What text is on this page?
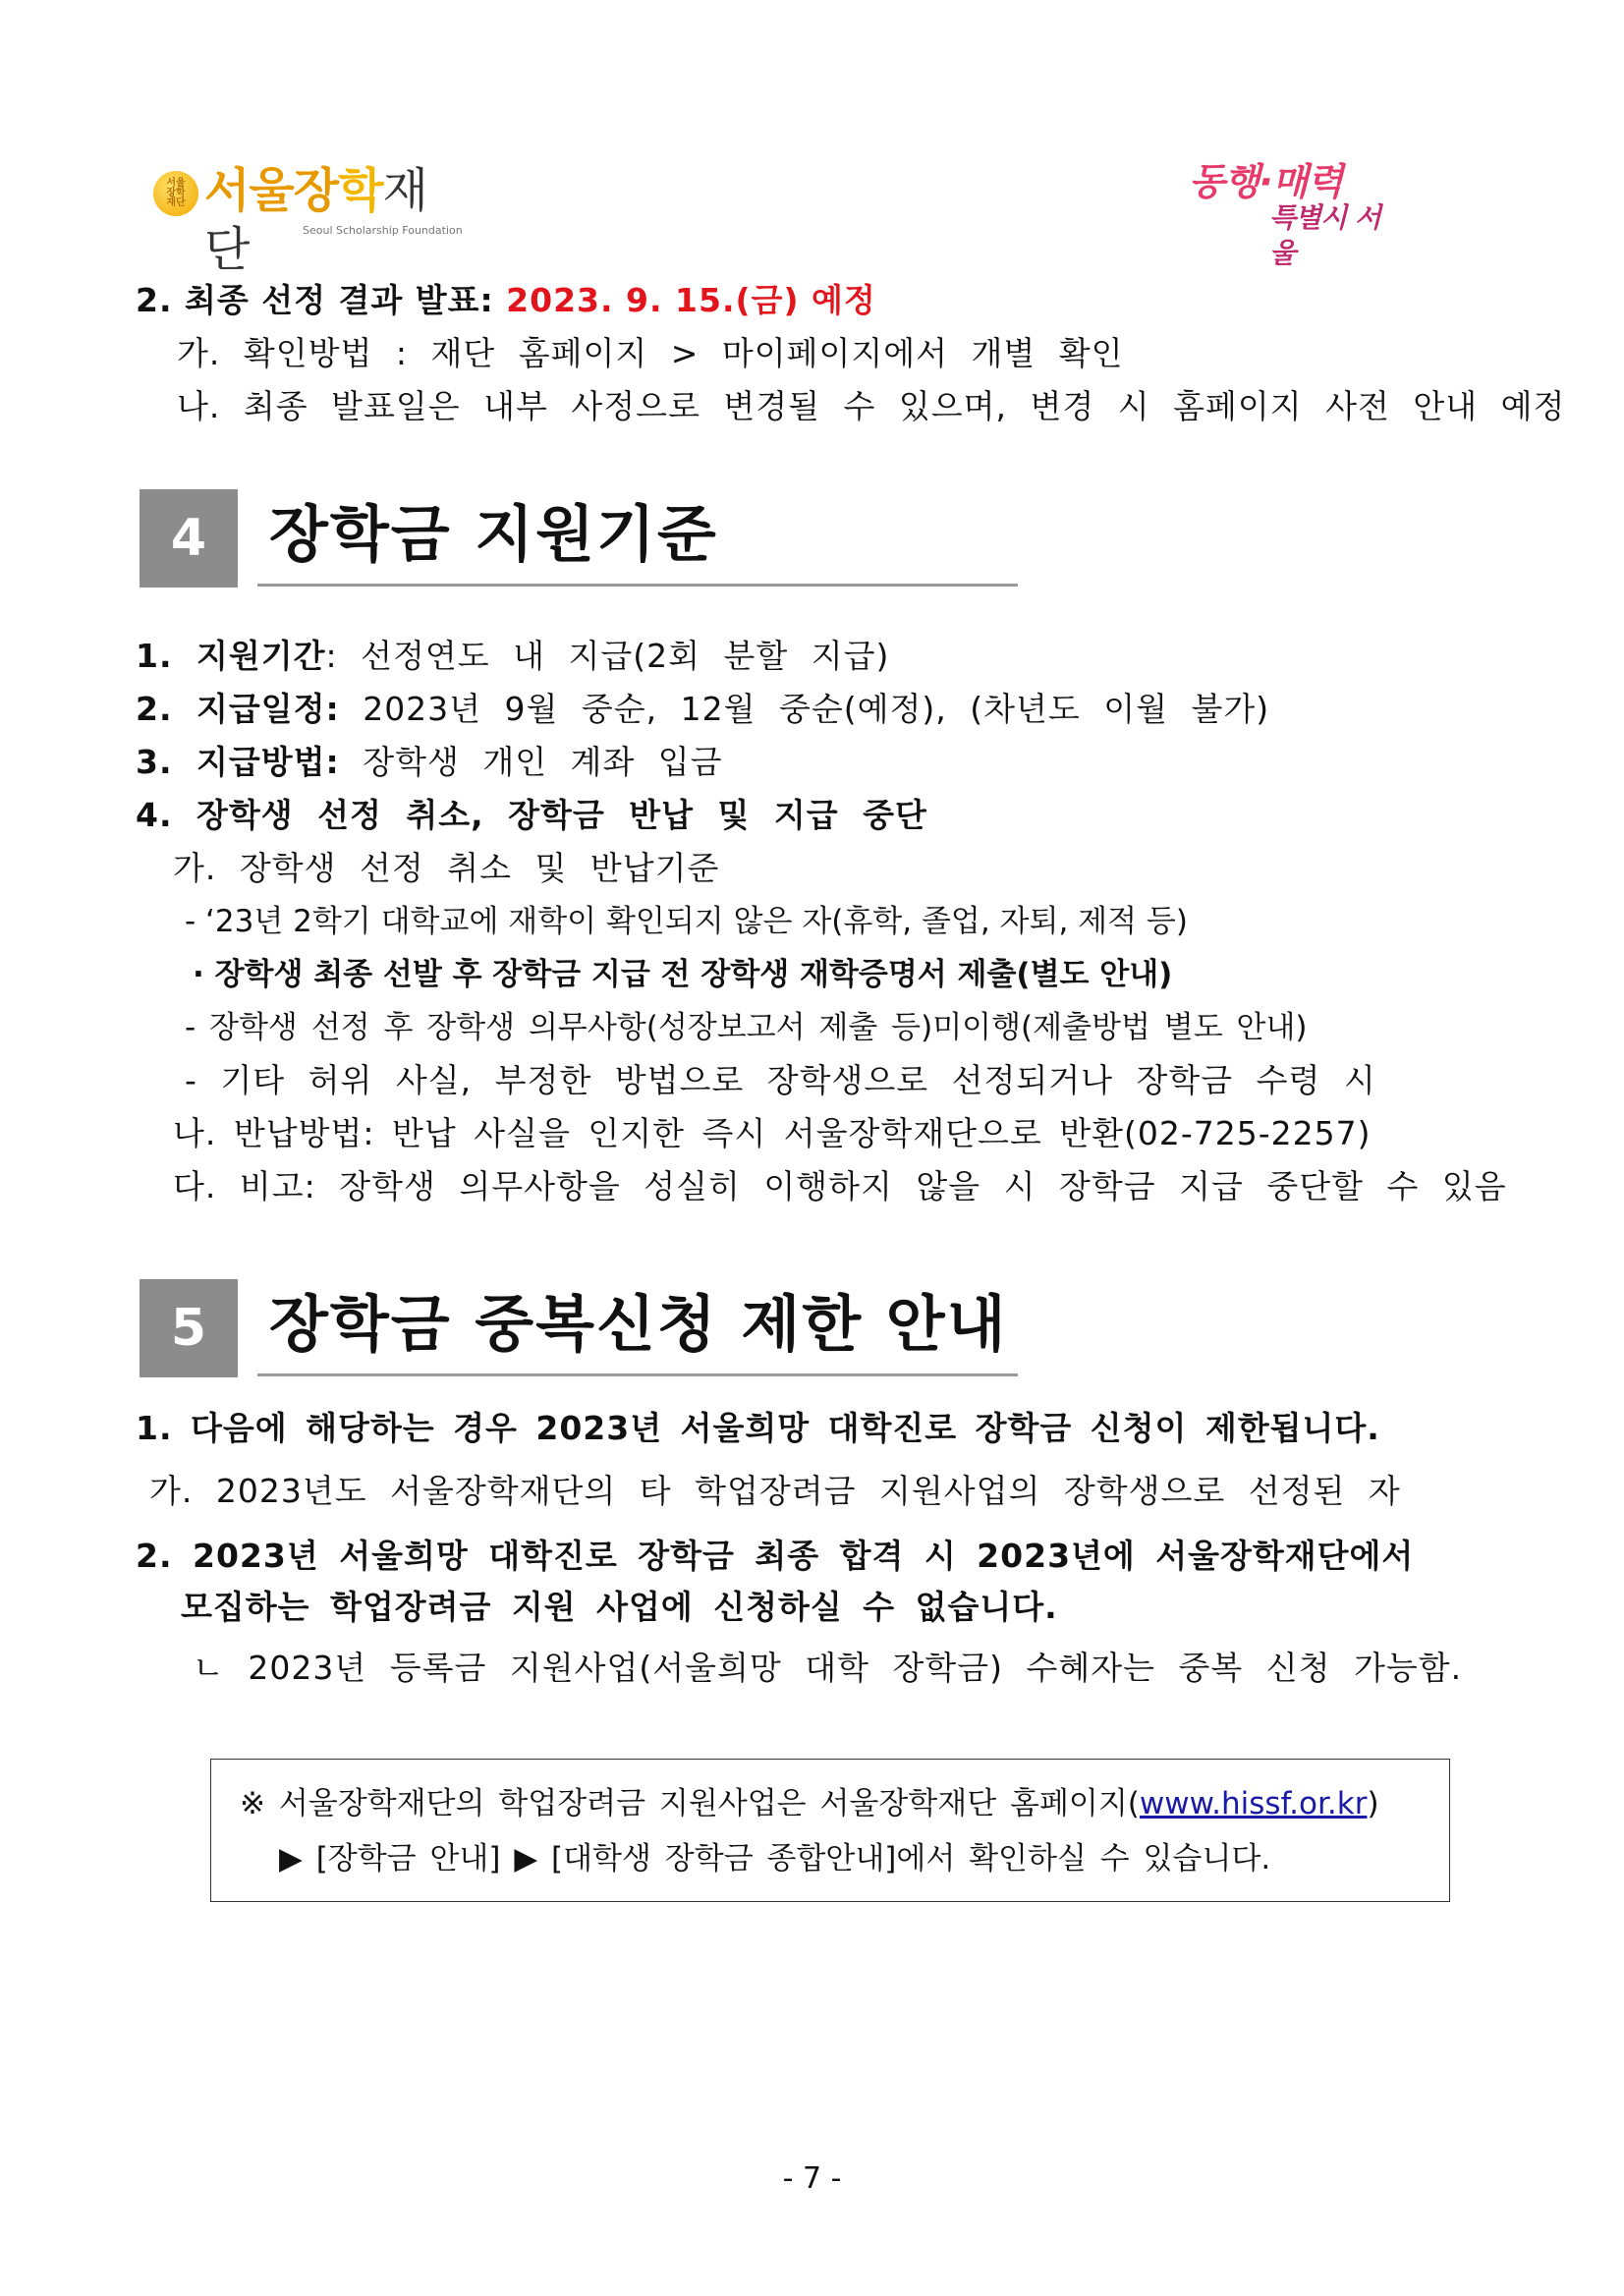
서울
장학
재단 서울장학재단	Seoul Scholarship Foundation
동행·매력
특별시 서울
2. 최종 선정 결과 발표: 2023. 9. 15.(금) 예정
가. 확인방법 : 재단 홈페이지 > 마이페이지에서 개별 확인
나. 최종 발표일은 내부 사정으로 변경될 수 있으며, 변경 시 홈페이지 사전 안내 예정
4	장학금 지원기준
1. 지원기간: 선정연도 내 지급(2회 분할 지급)
2. 지급일정: 2023년 9월 중순, 12월 중순(예정), (차년도 이월 불가)
3. 지급방법: 장학생 개인 계좌 입금
4. 장학생 선정 취소, 장학금 반납 및 지급 중단
가. 장학생 선정 취소 및 반납기준
- ‘23년 2학기 대학교에 재학이 확인되지 않은 자(휴학, 졸업, 자퇴, 제적 등)
· 장학생 최종 선발 후 장학금 지급 전 장학생 재학증명서 제출(별도 안내)
- 장학생 선정 후 장학생 의무사항(성장보고서 제출 등)미이행(제출방법 별도 안내)
- 기타 허위 사실, 부정한 방법으로 장학생으로 선정되거나 장학금 수령 시
나. 반납방법: 반납 사실을 인지한 즉시 서울장학재단으로 반환(02-725-2257)
다. 비고: 장학생 의무사항을 성실히 이행하지 않을 시 장학금 지급 중단할 수 있음
5	장학금 중복신청 제한 안내
1. 다음에 해당하는 경우 2023년 서울희망 대학진로 장학금 신청이 제한됩니다.
가. 2023년도 서울장학재단의 타 학업장려금 지원사업의 장학생으로 선정된 자
2. 2023년 서울희망 대학진로 장학금 최종 합격 시 2023년에 서울장학재단에서
모집하는 학업장려금 지원 사업에 신청하실 수 없습니다.
ㄴ 2023년 등록금 지원사업(서울희망 대학 장학금) 수혜자는 중복 신청 가능함.
※ 서울장학재단의 학업장려금 지원사업은 서울장학재단 홈페이지(www.hissf.or.kr)
▶ [장학금 안내] ▶ [대학생 장학금 종합안내]에서 확인하실 수 있습니다.
- 7 -
